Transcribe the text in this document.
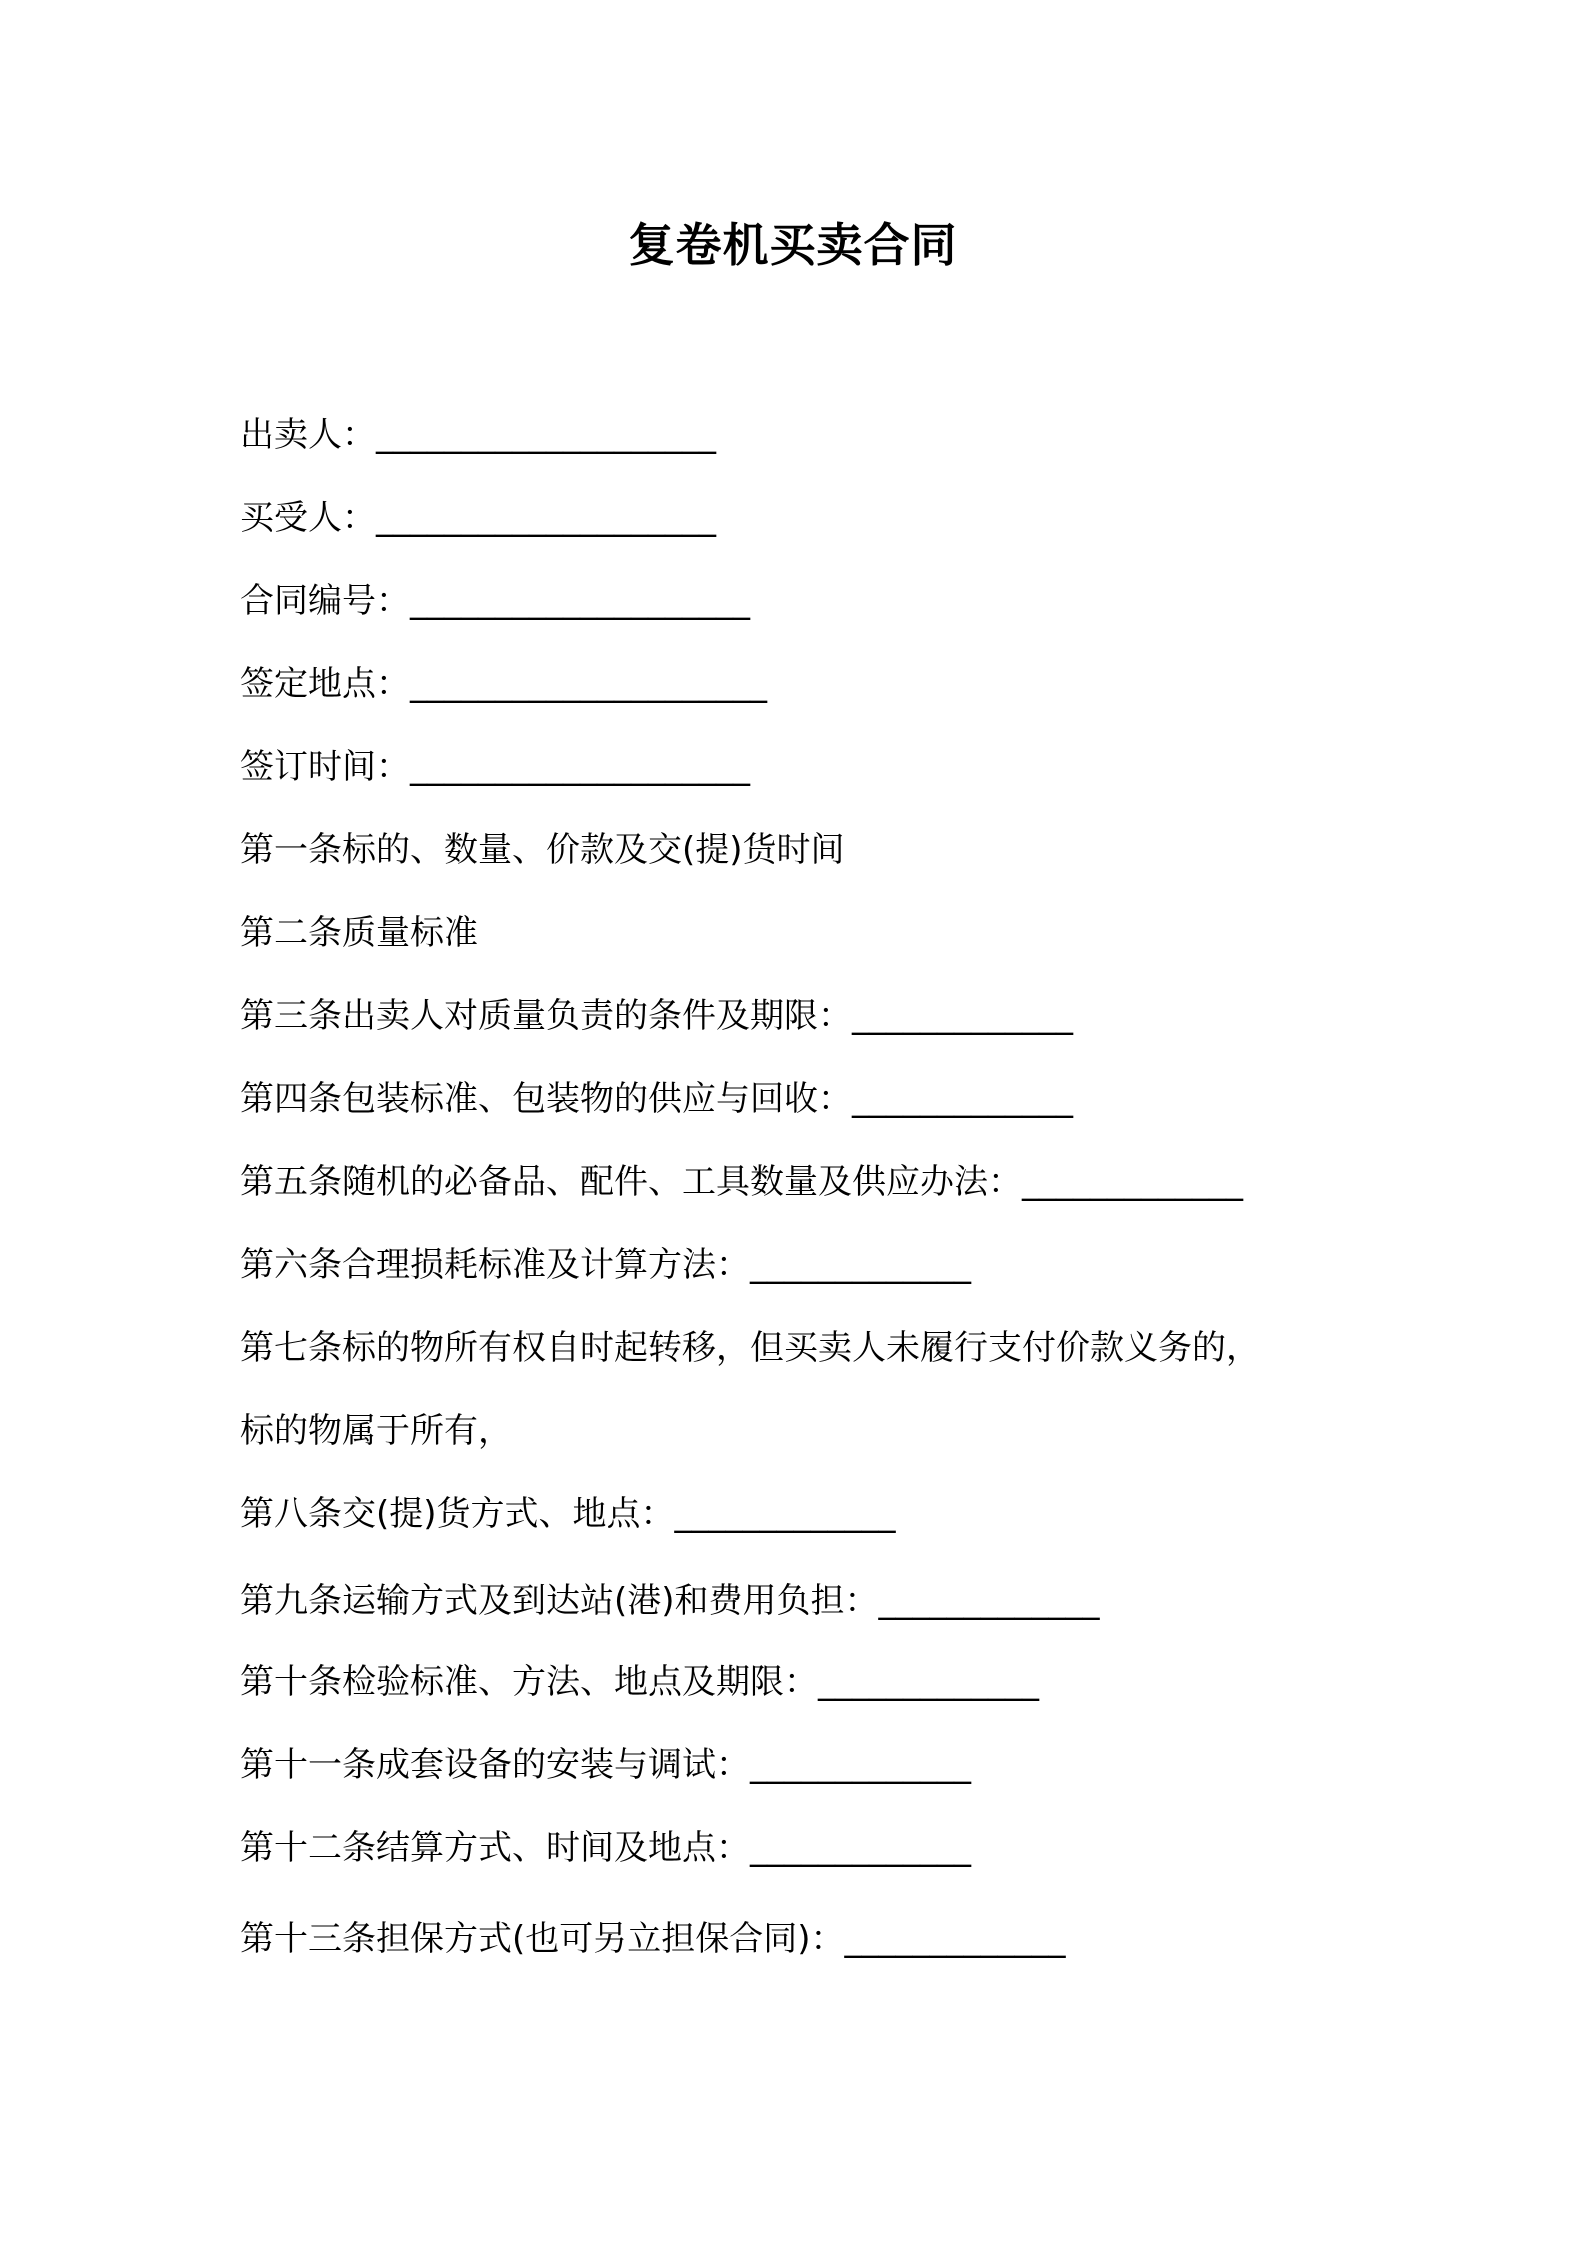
复卷机买卖合同
出卖人：____________________
买受人：____________________
合同编号：____________________
签定地点：_____________________
签订时间：____________________
第一条标的、数量、价款及交(提)货时间
第二条质量标准
第三条出卖人对质量负责的条件及期限：_____________
第四条包装标准、包装物的供应与回收：_____________
第五条随机的必备品、配件、工具数量及供应办法：_____________
第六条合理损耗标准及计算方法：_____________
第七条标的物所有权自时起转移，但买卖人未履行支付价款义务的，
标的物属于所有，
第八条交(提)货方式、地点：_____________
第九条运输方式及到达站(港)和费用负担：_____________
第十条检验标准、方法、地点及期限：_____________
第十一条成套设备的安装与调试：_____________
第十二条结算方式、时间及地点：_____________
第十三条担保方式(也可另立担保合同)：_____________
